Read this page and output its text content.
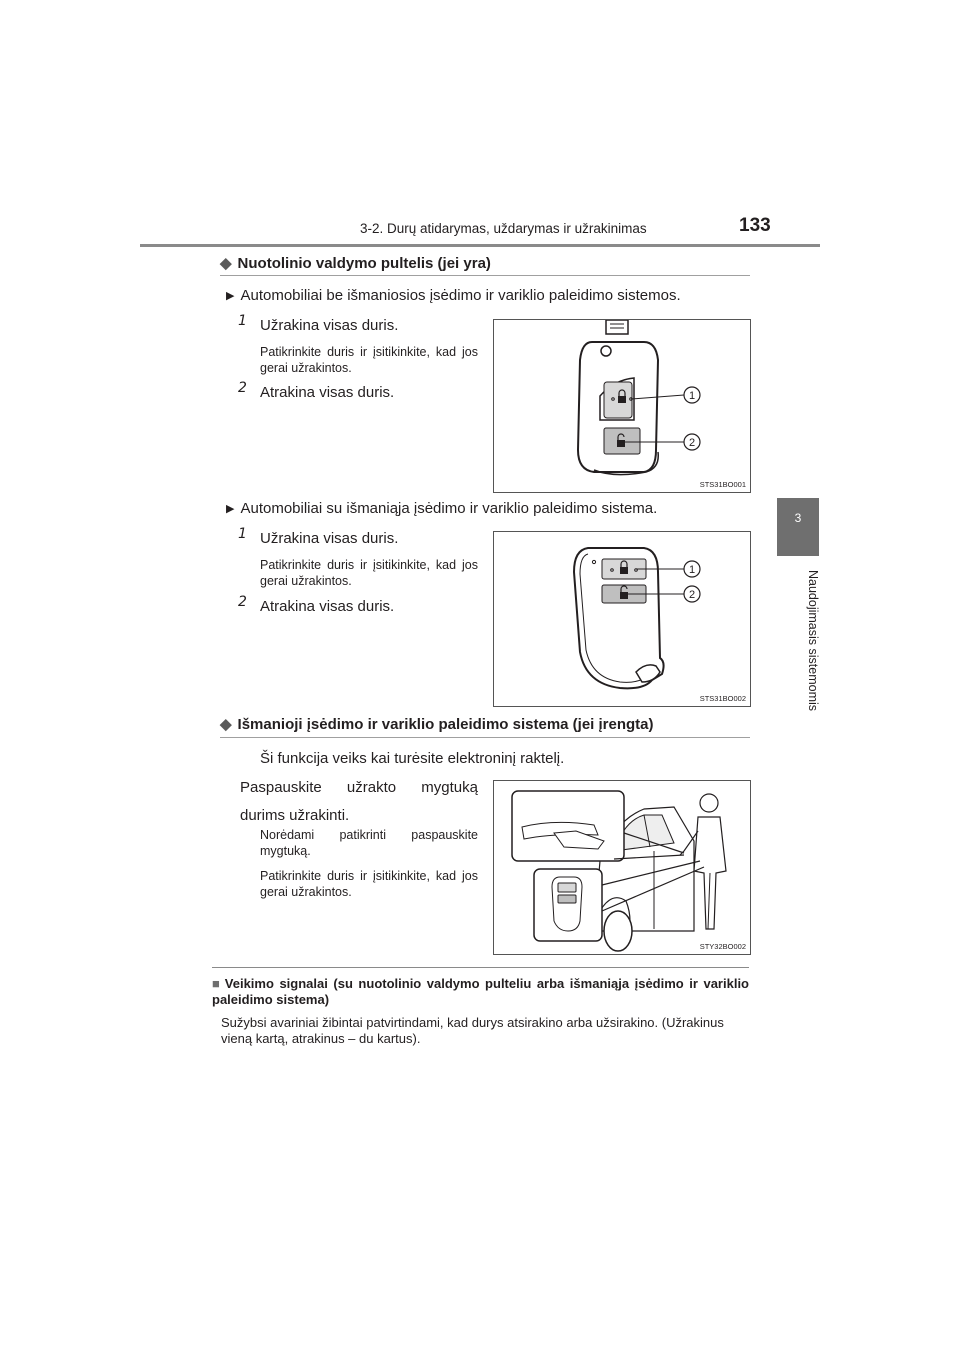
3-2. Durų atidarymas, uždarymas ir užrakinimas	133
3
Naudojimasis sistemomis
◆ Nuotolinio valdymo pultelis (jei yra)
▶ Automobiliai be išmaniosios įsėdimo ir variklio paleidimo sistemos.
1 Užrakina visas duris.
Patikrinkite duris ir įsitikinkite, kad jos gerai užrakintos.
2 Atrakina visas duris.	1
2
STS31BO001
▶ Automobiliai su išmaniąja įsėdimo ir variklio paleidimo sistema.
1 Užrakina visas duris.
Patikrinkite duris ir įsitikinkite, kad jos gerai užrakintos.
2 Atrakina visas duris.
1
2
STS31BO002
◆ Išmanioji įsėdimo ir variklio paleidimo sistema (jei įrengta)
Ši funkcija veiks kai turėsite elektroninį raktelį.
Paspauskite užrakto mygtuką durims užrakinti.
Norėdami patikrinti paspauskite mygtuką.
Patikrinkite duris ir įsitikinkite, kad jos gerai užrakintos.
STY32BO002
■ Veikimo signalai (su nuotolinio valdymo pulteliu arba išmaniąja įsėdimo ir variklio paleidimo sistema)
Sužybsi avariniai žibintai patvirtindami, kad durys atsirakino arba užsirakino. (Užrakinus vieną kartą, atrakinus – du kartus).
